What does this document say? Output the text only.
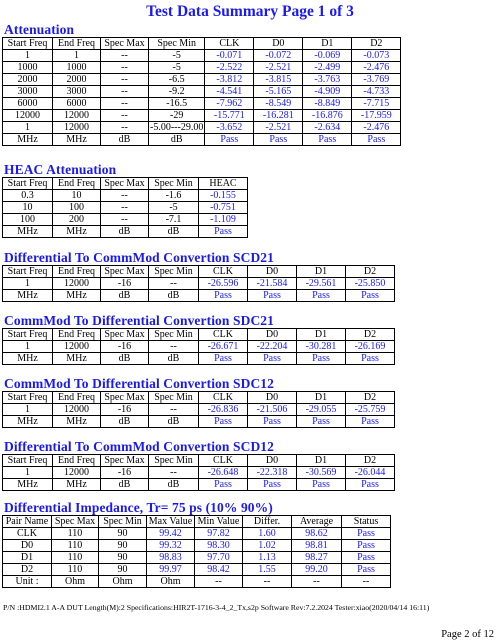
Test Data Summary Page 1 of 3
Attenuation
Start Freq	End Freq	Spec Max	Spec Min	CLK	D0	D1	D2
1	1	--	-5	-0.071	-0.072	-0.069	-0.073
1000	1000	--	-5	-2.522	-2.521	-2.499	-2.476
2000	2000	--	-6.5	-3.812	-3.815	-3.763	-3.769
3000	3000	--	-9.2	-4.541	-5.165	-4.909	-4.733
6000	6000	--	-16.5	-7.962	-8.549	-8.849	-7.715
12000	12000	--	-29	-15.771	-16.281	-16.876	-17.959
1	12000	--	-5.00---29.00	-3.652	-2.521	-2.634	-2.476
MHz	MHz	dB	dB	Pass	Pass	Pass	Pass
HEAC Attenuation
Start Freq	End Freq	Spec Max	Spec Min	HEAC
0.3	10	--	-1.6	-0.155
10	100	--	-5	-0.751
100	200	--	-7.1	-1.109
MHz	MHz	dB	dB	Pass
Differential To CommMod Convertion SCD21
Start Freq	End Freq	Spec Max	Spec Min	CLK	D0	D1	D2
1	12000	-16	--	-26.596	-21.584	-29.561	-25.850
MHz	MHz	dB	dB	Pass	Pass	Pass	Pass
CommMod To Differential Convertion SDC21
Start Freq	End Freq	Spec Max	Spec Min	CLK	D0	D1	D2
1	12000	-16	--	-26.671	-22.204	-30.281	-26.169
MHz	MHz	dB	dB	Pass	Pass	Pass	Pass
CommMod To Differential Convertion SDC12
Start Freq	End Freq	Spec Max	Spec Min	CLK	D0	D1	D2
1	12000	-16	--	-26.836	-21.506	-29.055	-25.759
MHz	MHz	dB	dB	Pass	Pass	Pass	Pass
Differential To CommMod Convertion SCD12
Start Freq	End Freq	Spec Max	Spec Min	CLK	D0	D1	D2
1	12000	-16	--	-26.648	-22.318	-30.569	-26.044
MHz	MHz	dB	dB	Pass	Pass	Pass	Pass
Differential Impedance, Tr= 75 ps (10% 90%)
Pair Name	Spec Max	Spec Min	Max Value	Min Value	Differ.	Average	Status
CLK	110	90	99.42	97.82	1.60	98.62	Pass
D0	110	90	99.32	98.30	1.02	98.81	Pass
D1	110	90	98.83	97.70	1.13	98.27	Pass
D2	110	90	99.97	98.42	1.55	99.20	Pass
Unit :	Ohm	Ohm	Ohm	--	--	--	--
P/N :HDMI2.1 A-A DUT Length(M):2 Specifications:HIR2T-1716-3-4_2_Tx,s2p Software Rev:7.2.2024 Tester:xiao(2020/04/14 16:11)
Page 2 of 12
